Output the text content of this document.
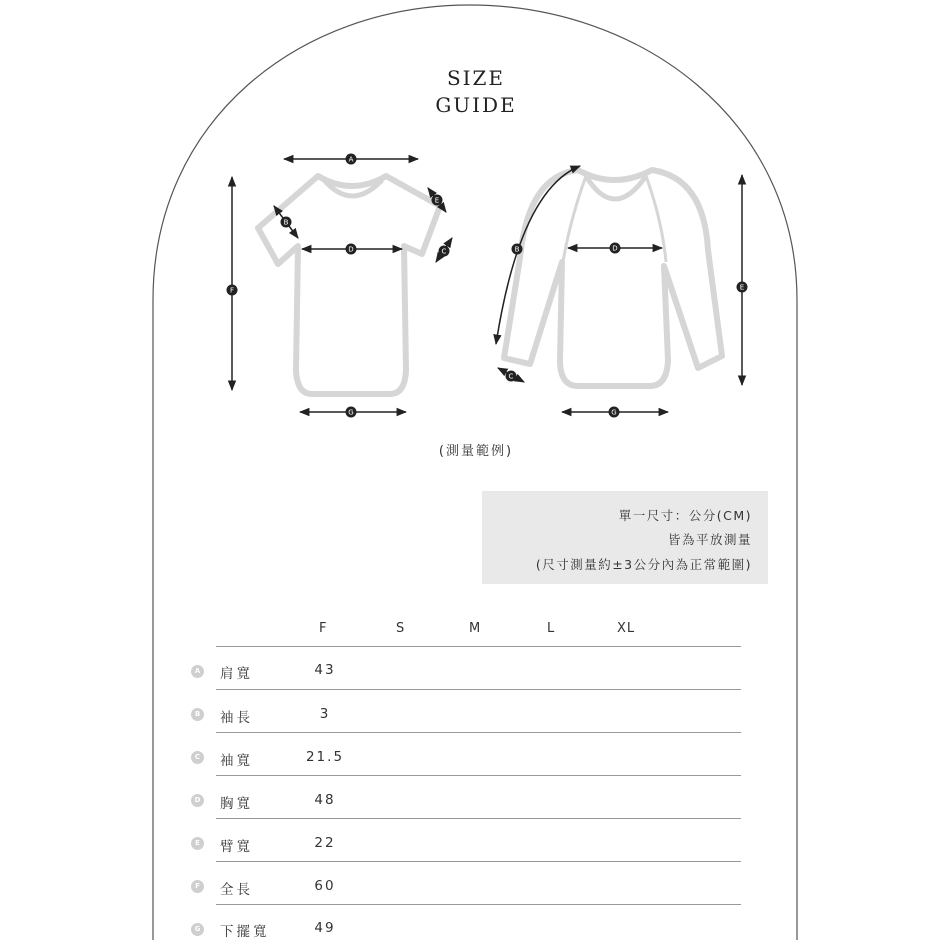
SIZE
GUIDE
A
B
E
D	C
F
G
B	D
E
C
G
(測量範例)
單一尺寸：公分(CM)
皆為平放測量
(尺寸測量約±3公分內為正常範圍)
F	S	M	L	XL
A 肩寬	43
B 袖長	3
C 袖寬	21.5
D 胸寬	48
E	臂寬	22
F	全長	60
G 下擺寬	49
